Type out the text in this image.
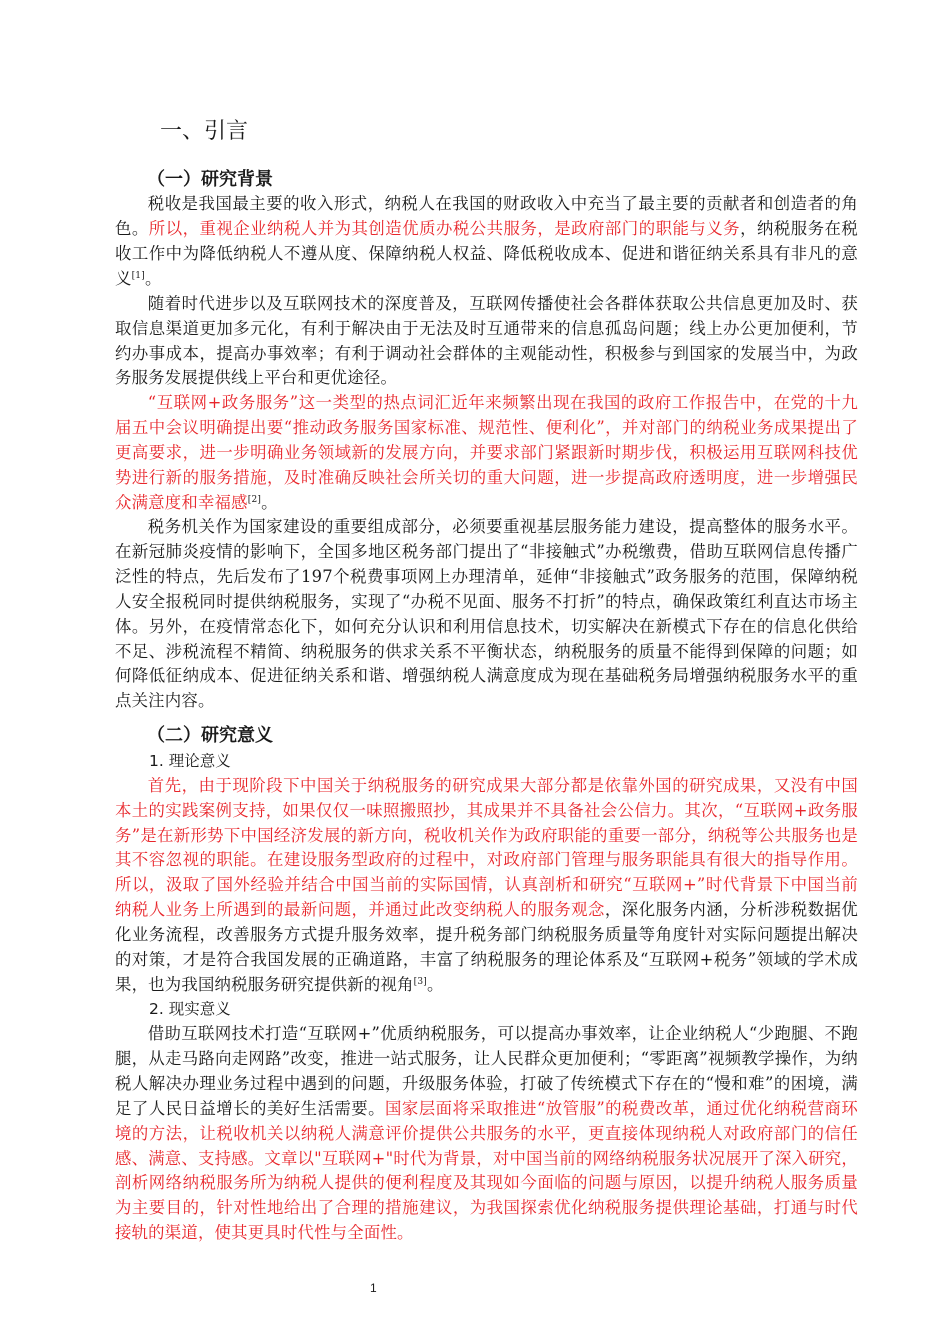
一、引言
（一）研究背景

税收是我国最主要的收入形式，纳税人在我国的财政收入中充当了最主要的贡献者和创造者的角色。所以，重视企业纳税人并为其创造优质办税公共服务，是政府部门的职能与义务，纳税服务在税收工作中为降低纳税人不遵从度、保障纳税人权益、降低税收成本、促进和谐征纳关系具有非凡的意义[1]。

随着时代进步以及互联网技术的深度普及，互联网传播使社会各群体获取公共信息更加及时、获取信息渠道更加多元化，有利于解决由于无法及时互通带来的信息孤岛问题；线上办公更加便利，节约办事成本，提高办事效率；有利于调动社会群体的主观能动性，积极参与到国家的发展当中，为政务服务发展提供线上平台和更优途径。

“互联网+政务服务”这一类型的热点词汇近年来频繁出现在我国的政府工作报告中，在党的十九届五中会议明确提出要“推动政务服务国家标准、规范性、便利化”，并对部门的纳税业务成果提出了更高要求，进一步明确业务领域新的发展方向，并要求部门紧跟新时期步伐，积极运用互联网科技优势进行新的服务措施，及时准确反映社会所关切的重大问题，进一步提高政府透明度，进一步增强民众满意度和幸福感[2]。

税务机关作为国家建设的重要组成部分，必须要重视基层服务能力建设，提高整体的服务水平。在新冠肺炎疫情的影响下，全国多地区税务部门提出了“非接触式”办税缴费，借助互联网信息传播广泛性的特点，先后发布了197个税费事项网上办理清单，延伸“非接触式”政务服务的范围，保障纳税人安全报税同时提供纳税服务，实现了“办税不见面、服务不打折”的特点，确保政策红利直达市场主体。另外，在疫情常态化下，如何充分认识和利用信息技术，切实解决在新模式下存在的信息化供给不足、涉税流程不精简、纳税服务的供求关系不平衡状态，纳税服务的质量不能得到保障的问题；如何降低征纳成本、促进征纳关系和谐、增强纳税人满意度成为现在基础税务局增强纳税服务水平的重点关注内容。

（二）研究意义
1. 理论意义

首先，由于现阶段下中国关于纳税服务的研究成果大部分都是依靠外国的研究成果，又没有中国本土的实践案例支持，如果仅仅一味照搬照抄，其成果并不具备社会公信力。其次，“互联网+政务服务”是在新形势下中国经济发展的新方向，税收机关作为政府职能的重要一部分，纳税等公共服务也是其不容忽视的职能。在建设服务型政府的过程中，对政府部门管理与服务职能具有很大的指导作用。所以，汲取了国外经验并结合中国当前的实际国情，认真剖析和研究“互联网+”时代背景下中国当前纳税人业务上所遇到的最新问题，并通过此改变纳税人的服务观念，深化服务内涵，分析涉税数据优化业务流程，改善服务方式提升服务效率，提升税务部门纳税服务质量等角度针对实际问题提出解决的对策，才是符合我国发展的正确道路，丰富了纳税服务的理论体系及“互联网+税务”领域的学术成果，也为我国纳税服务研究提供新的视角[3]。

2. 现实意义

借助互联网技术打造“互联网+”优质纳税服务，可以提高办事效率，让企业纳税人“少跑腿、不跑腿，从走马路向走网路”改变，推进一站式服务，让人民群众更加便利；“零距离”视频教学操作，为纳税人解决办理业务过程中遇到的问题，升级服务体验，打破了传统模式下存在的“慢和难”的困境，满足了人民日益增长的美好生活需要。国家层面将采取推进“放管服”的税费改革，通过优化纳税营商环境的方法，让税收机关以纳税人满意评价提供公共服务的水平，更直接体现纳税人对政府部门的信任感、满意、支持感。文章以"互联网+"时代为背景，对中国当前的网络纳税服务状况展开了深入研究，剖析网络纳税服务所为纳税人提供的便利程度及其现如今面临的问题与原因，以提升纳税人服务质量为主要目的，针对性地给出了合理的措施建议，为我国探索优化纳税服务提供理论基础，打通与时代接轨的渠道，使其更具时代性与全面性。

1
